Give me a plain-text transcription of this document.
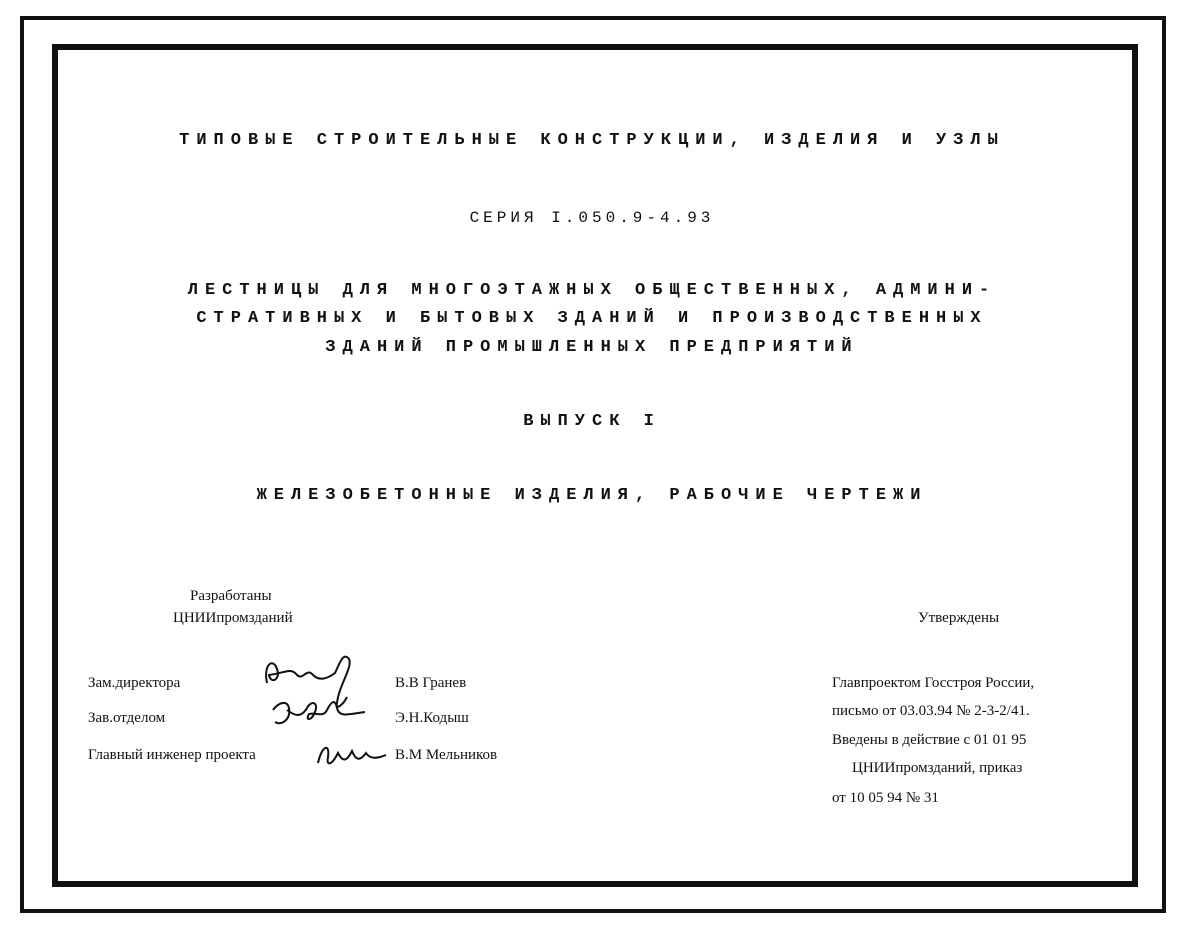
ТИПОВЫЕ СТРОИТЕЛЬНЫЕ КОНСТРУКЦИИ, ИЗДЕЛИЯ И УЗЛЫ
СЕРИЯ I.050.9-4.93
ЛЕСТНИЦЫ ДЛЯ МНОГОЭТАЖНЫХ ОБЩЕСТВЕННЫХ, АДМИНИ-
СТРАТИВНЫХ И БЫТОВЫХ ЗДАНИЙ И ПРОИЗВОДСТВЕННЫХ
ЗДАНИЙ ПРОМЫШЛЕННЫХ ПРЕДПРИЯТИЙ
ВЫПУСК I
ЖЕЛЕЗОБЕТОННЫЕ ИЗДЕЛИЯ, РАБОЧИЕ ЧЕРТЕЖИ
Разработаны
ЦНИИпромзданий	Утверждены
Зам.директора	В.В Гранев
Зав.отделом	Э.Н.Кодыш
Главный инженер проекта	В.М Мельников
Главпроектом Госстроя России,
письмо от 03.03.94 № 2-3-2/41.
Введены в действие с 01 01 95
ЦНИИпромзданий, приказ
от 10 05 94 № 31
